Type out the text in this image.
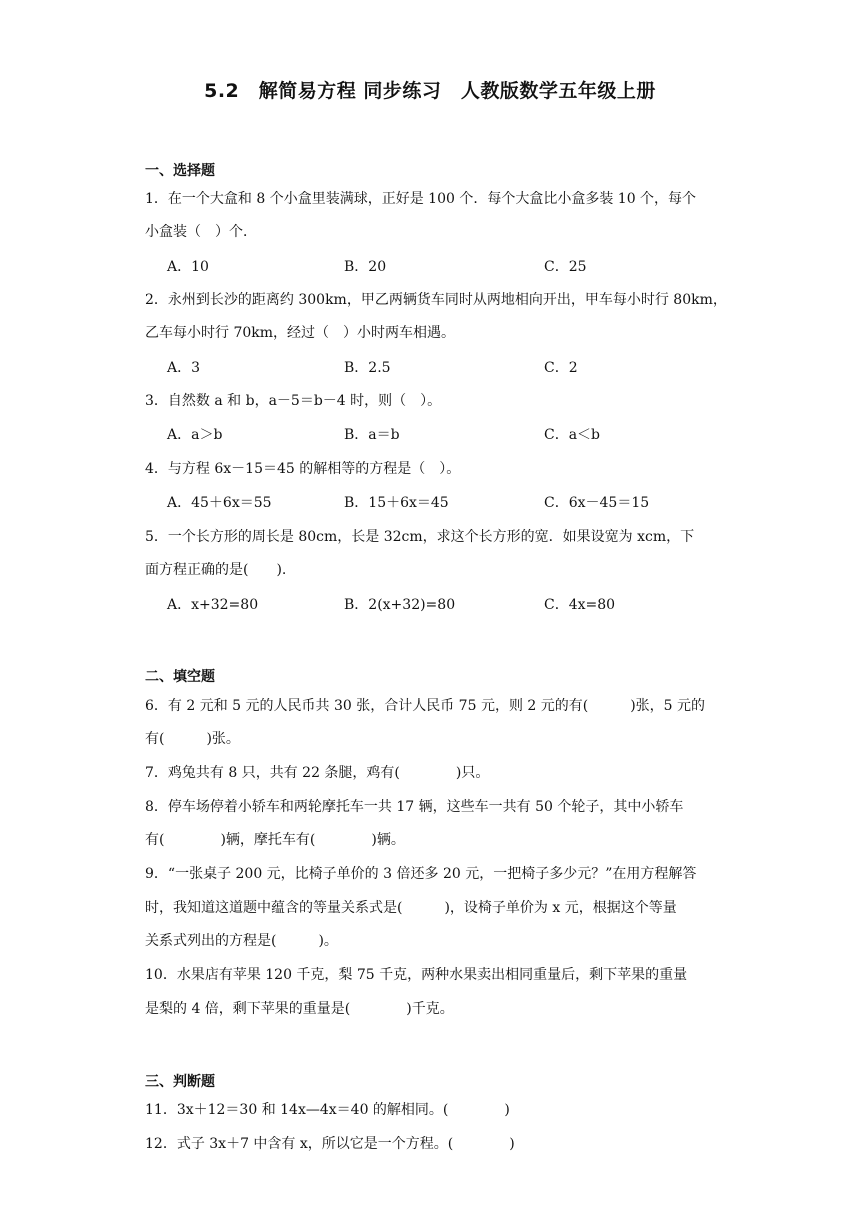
5.2　解简易方程 同步练习　人教版数学五年级上册
一、选择题
1．在一个大盒和 8 个小盒里装满球，正好是 100 个．每个大盒比小盒多装 10 个，每个
小盒装（　）个．
A．10	B．20	C．25
2．永州到长沙的距离约 300km，甲乙两辆货车同时从两地相向开出，甲车每小时行 80km，
乙车每小时行 70km，经过（　）小时两车相遇。
A．3	B．2.5	C．2
3．自然数 a 和 b，a－5＝b－4 时，则（　）。
A．a＞b	B．a＝b	C．a＜b
4．与方程 6x－15＝45 的解相等的方程是（　）。
A．45＋6x＝55	B．15＋6x＝45	C．6x－45＝15
5．一个长方形的周长是 80cm，长是 32cm，求这个长方形的宽．如果设宽为 xcm，下
面方程正确的是(　　).
A．x+32=80	B．2(x+32)=80	C．4x=80
二、填空题
6．有 2 元和 5 元的人民币共 30 张，合计人民币 75 元，则 2 元的有(　　　)张，5 元的
有(　　　)张。
7．鸡兔共有 8 只，共有 22 条腿，鸡有(　　　　)只。
8．停车场停着小轿车和两轮摩托车一共 17 辆，这些车一共有 50 个轮子，其中小轿车
有(　　　　)辆，摩托车有(　　　　)辆。
9．“一张桌子 200 元，比椅子单价的 3 倍还多 20 元，一把椅子多少元？”在用方程解答
时，我知道这道题中蕴含的等量关系式是(　　　)，设椅子单价为 x 元，根据这个等量
关系式列出的方程是(　　　)。
10．水果店有苹果 120 千克，梨 75 千克，两种水果卖出相同重量后，剩下苹果的重量
是梨的 4 倍，剩下苹果的重量是(　　　　)千克。
三、判断题
11．3x＋12＝30 和 14x—4x＝40 的解相同。(　　　　)
12．式子 3x＋7 中含有 x，所以它是一个方程。(　　　　)
